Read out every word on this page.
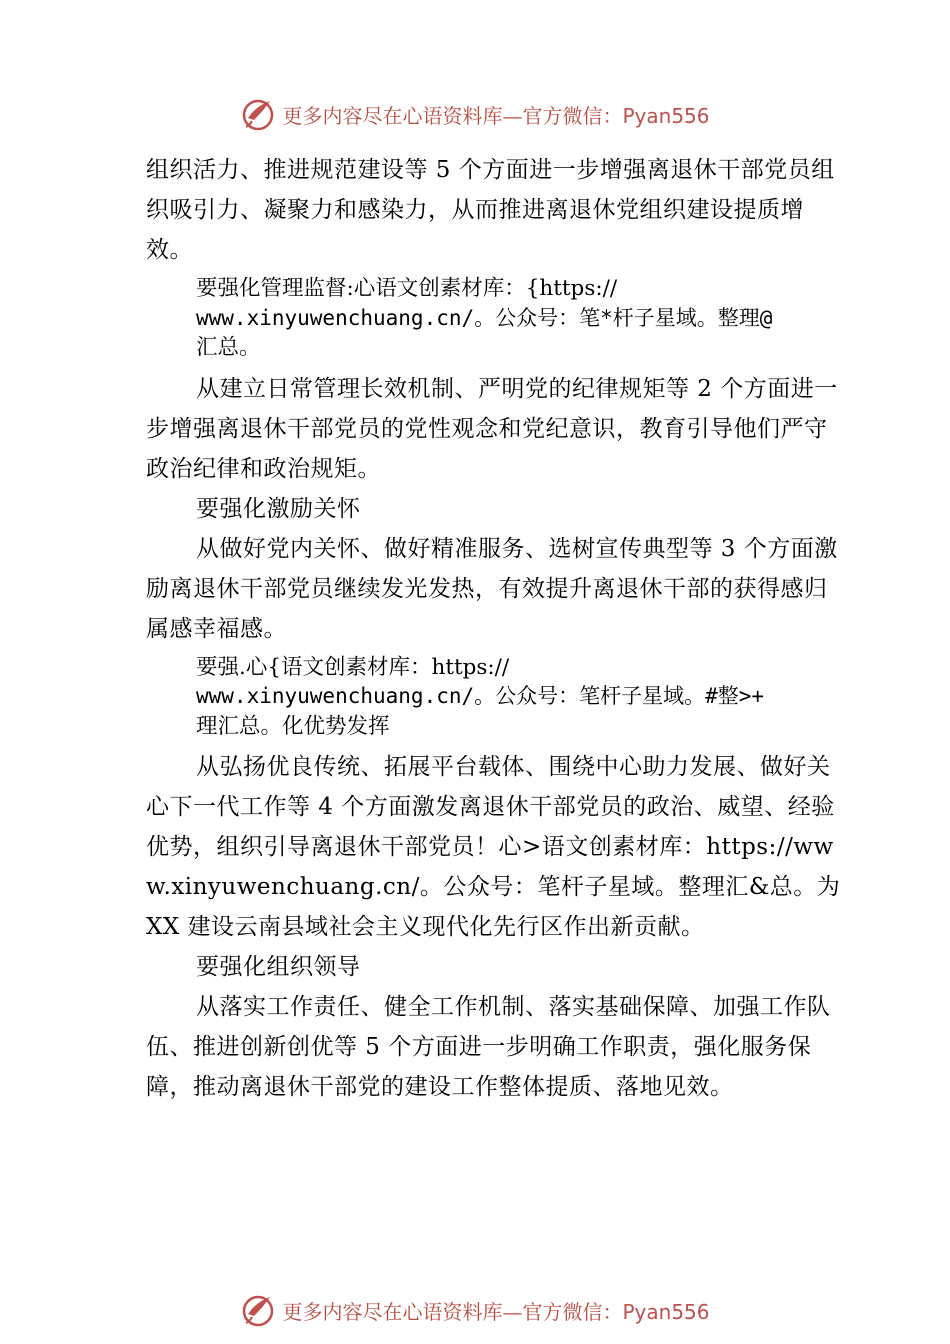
更多内容尽在心语资料库—官方微信：Pyan556

组织活力、推进规范建设等 5 个方面进一步增强离退休干部党员组织吸引力、凝聚力和感染力，从而推进离退休党组织建设提质增效。

要强化管理监督:心语文创素材库：{https://
www.xinyuwenchuang.cn/。公众号：笔*杆子星域。整理@
汇总。

从建立日常管理长效机制、严明党的纪律规矩等 2 个方面进一步增强离退休干部党员的党性观念和党纪意识，教育引导他们严守政治纪律和政治规矩。

要强化激励关怀

从做好党内关怀、做好精准服务、选树宣传典型等 3 个方面激励离退休干部党员继续发光发热，有效提升离退休干部的获得感归属感幸福感。

要强.心{语文创素材库：https://
www.xinyuwenchuang.cn/。公众号：笔杆子星域。#整>+
理汇总。化优势发挥

从弘扬优良传统、拓展平台载体、围绕中心助力发展、做好关心下一代工作等 4 个方面激发离退休干部党员的政治、威望、经验优势，组织引导离退休干部党员！心>语文创素材库：https://www.xinyuwenchuang.cn/。公众号：笔杆子星域。整理汇&总。为 XX 建设云南县域社会主义现代化先行区作出新贡献。

要强化组织领导

从落实工作责任、健全工作机制、落实基础保障、加强工作队伍、推进创新创优等 5 个方面进一步明确工作职责，强化服务保障，推动离退休干部党的建设工作整体提质、落地见效。

更多内容尽在心语资料库—官方微信：Pyan556
